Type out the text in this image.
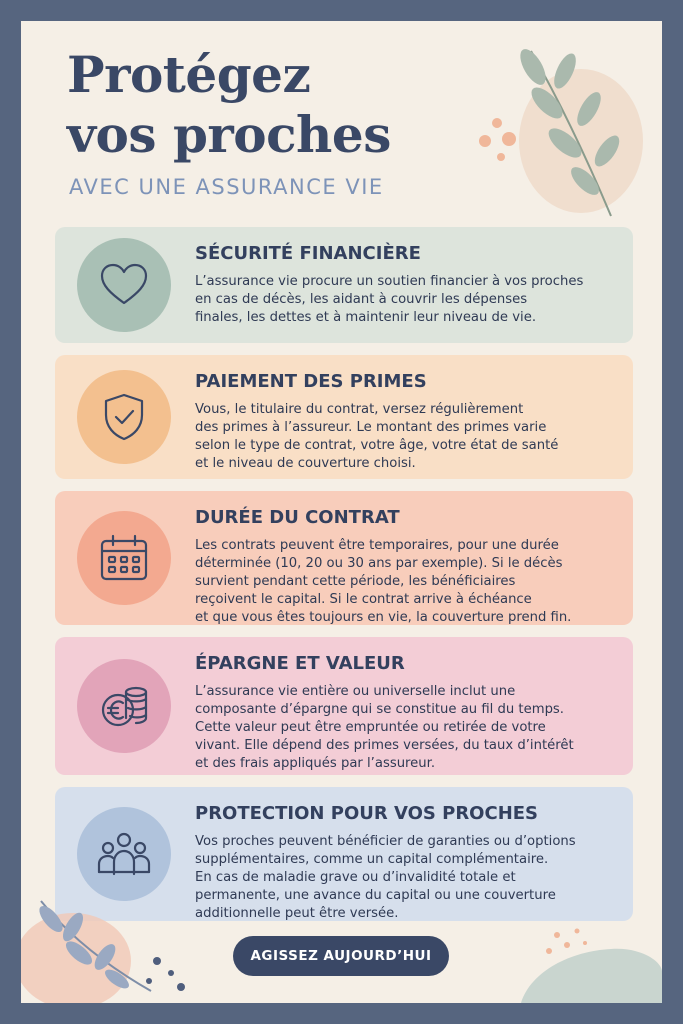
Protégez
vos proches

AVEC UNE ASSURANCE VIE

SÉCURITÉ FINANCIÈRE

L’assurance vie procure un soutien financier à vos proches
en cas de décès, les aidant à couvrir les dépenses
finales, les dettes et à maintenir leur niveau de vie.

PAIEMENT DES PRIMES

Vous, le titulaire du contrat, versez régulièrement
des primes à l’assureur. Le montant des primes varie
selon le type de contrat, votre âge, votre état de santé
et le niveau de couverture choisi.

DURÉE DU CONTRAT

Les contrats peuvent être temporaires, pour une durée
déterminée (10, 20 ou 30 ans par exemple). Si le décès
survient pendant cette période, les bénéficiaires
reçoivent le capital. Si le contrat arrive à échéance
et que vous êtes toujours en vie, la couverture prend fin.

ÉPARGNE ET VALEUR

L’assurance vie entière ou universelle inclut une
composante d’épargne qui se constitue au fil du temps.
Cette valeur peut être empruntée ou retirée de votre
vivant. Elle dépend des primes versées, du taux d’intérêt
et des frais appliqués par l’assureur.

PROTECTION POUR VOS PROCHES

Vos proches peuvent bénéficier de garanties ou d’options
supplémentaires, comme un capital complémentaire.
En cas de maladie grave ou d’invalidité totale et
permanente, une avance du capital ou une couverture
additionnelle peut être versée.

AGISSEZ AUJOURD’HUI
